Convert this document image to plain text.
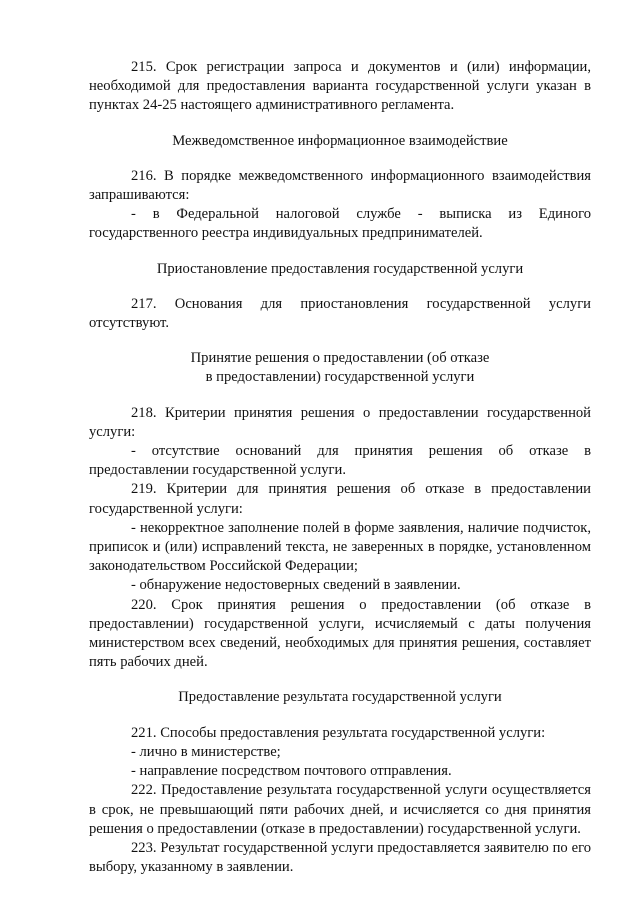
215. Срок регистрации запроса и документов и (или) информации, необходимой для предоставления варианта государственной услуги указан в пунктах 24-25 настоящего административного регламента.

Межведомственное информационное взаимодействие

216. В порядке межведомственного информационного взаимодействия запрашиваются:

- в Федеральной налоговой службе - выписка из Единого государственного реестра индивидуальных предпринимателей.

Приостановление предоставления государственной услуги

217. Основания для приостановления государственной услуги отсутствуют.

Принятие решения о предоставлении (об отказе

в предоставлении) государственной услуги

218. Критерии принятия решения о предоставлении государственной услуги:

- отсутствие оснований для принятия решения об отказе в предоставлении государственной услуги.

219. Критерии для принятия решения об отказе в предоставлении государственной услуги:

- некорректное заполнение полей в форме заявления, наличие подчисток, приписок и (или) исправлений текста, не заверенных в порядке, установленном законодательством Российской Федерации;

- обнаружение недостоверных сведений в заявлении.

220. Срок принятия решения о предоставлении (об отказе в предоставлении) государственной услуги, исчисляемый с даты получения министерством всех сведений, необходимых для принятия решения, составляет пять рабочих дней.

Предоставление результата государственной услуги

221. Способы предоставления результата государственной услуги:

- лично в министерстве;

- направление посредством почтового отправления.

222. Предоставление результата государственной услуги осуществляется в срок, не превышающий пяти рабочих дней, и исчисляется со дня принятия решения о предоставлении (отказе в предоставлении) государственной услуги.

223. Результат государственной услуги предоставляется заявителю по его выбору, указанному в заявлении.
